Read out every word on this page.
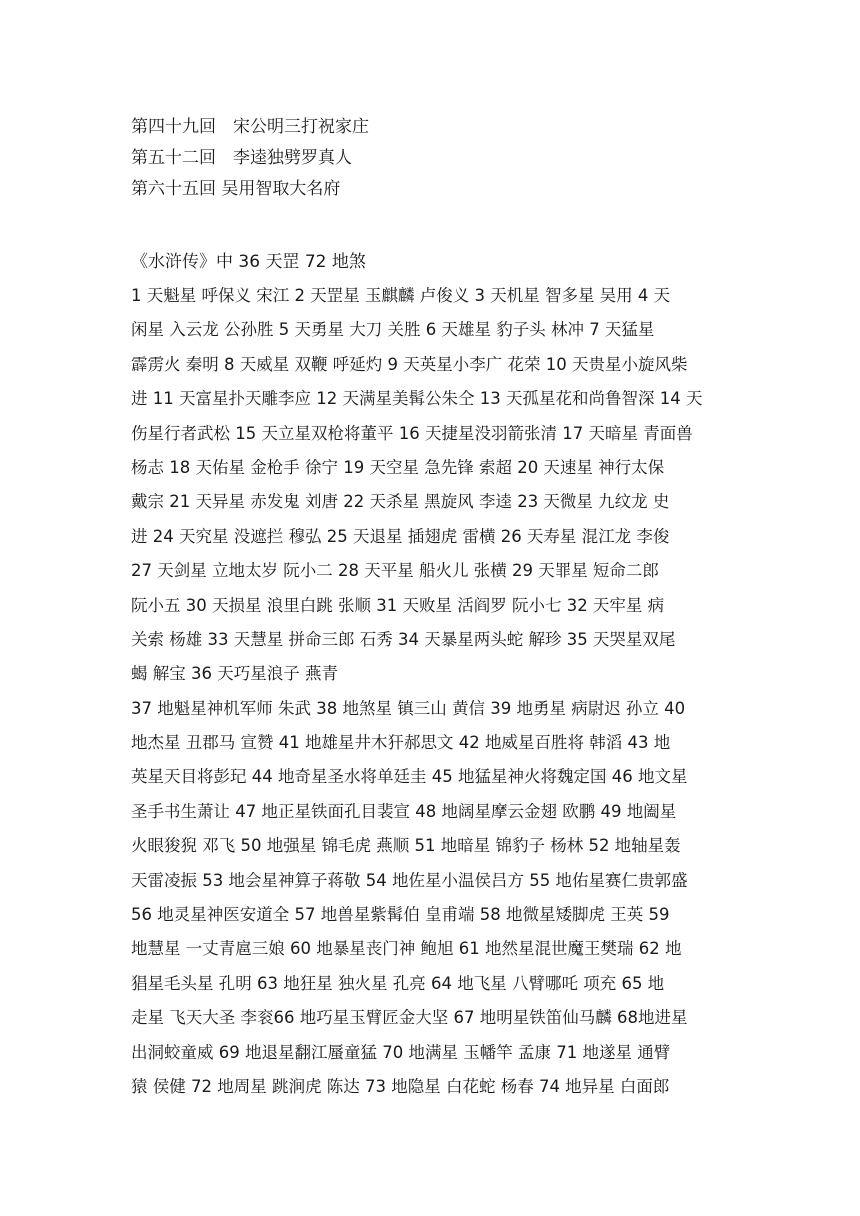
第四十九回　宋公明三打祝家庄
第五十二回　李逵独劈罗真人
第六十五回 吴用智取大名府
《水浒传》中 36 天罡 72 地煞
1 天魁星 呼保义 宋江 2 天罡星 玉麒麟 卢俊义 3 天机星 智多星 吴用 4 天
闲星 入云龙 公孙胜 5 天勇星 大刀 关胜 6 天雄星 豹子头 林冲 7 天猛星
霹雳火 秦明 8 天威星 双鞭 呼延灼 9 天英星小李广 花荣 10 天贵星小旋风柴
进 11 天富星扑天雕李应 12 天满星美髯公朱仝 13 天孤星花和尚鲁智深 14 天
伤星行者武松 15 天立星双枪将董平 16 天捷星没羽箭张清 17 天暗星 青面兽
杨志 18 天佑星 金枪手 徐宁 19 天空星 急先锋 索超 20 天速星 神行太保
戴宗 21 天异星 赤发鬼 刘唐 22 天杀星 黑旋风 李逵 23 天微星 九纹龙 史
进 24 天究星 没遮拦 穆弘 25 天退星 插翅虎 雷横 26 天寿星 混江龙 李俊
27 天剑星 立地太岁 阮小二 28 天平星 船火儿 张横 29 天罪星 短命二郎
阮小五 30 天损星 浪里白跳 张顺 31 天败星 活阎罗 阮小七 32 天牢星 病
关索 杨雄 33 天慧星 拼命三郎 石秀 34 天暴星两头蛇 解珍 35 天哭星双尾
蝎 解宝 36 天巧星浪子 燕青
37 地魁星神机军师 朱武 38 地煞星 镇三山 黄信 39 地勇星 病尉迟 孙立 40
地杰星 丑郡马 宣赞 41 地雄星井木犴郝思文 42 地威星百胜将 韩滔 43 地
英星天目将彭玘 44 地奇星圣水将单廷圭 45 地猛星神火将魏定国 46 地文星
圣手书生萧让 47 地正星铁面孔目裴宣 48 地阔星摩云金翅 欧鹏 49 地阖星
火眼狻猊 邓飞 50 地强星 锦毛虎 燕顺 51 地暗星 锦豹子 杨林 52 地轴星轰
天雷凌振 53 地会星神算子蒋敬 54 地佐星小温侯吕方 55 地佑星赛仁贵郭盛
56 地灵星神医安道全 57 地兽星紫髯伯 皇甫端 58 地微星矮脚虎 王英 59
地慧星 一丈青扈三娘 60 地暴星丧门神 鲍旭 61 地然星混世魔王樊瑞 62 地
猖星毛头星 孔明 63 地狂星 独火星 孔亮 64 地飞星 八臂哪吒 项充 65 地
走星 飞天大圣 李衮66 地巧星玉臂匠金大坚 67 地明星铁笛仙马麟 68地进星
出洞蛟童威 69 地退星翻江蜃童猛 70 地满星 玉幡竿 孟康 71 地遂星 通臂
猿 侯健 72 地周星 跳涧虎 陈达 73 地隐星 白花蛇 杨春 74 地异星 白面郎
